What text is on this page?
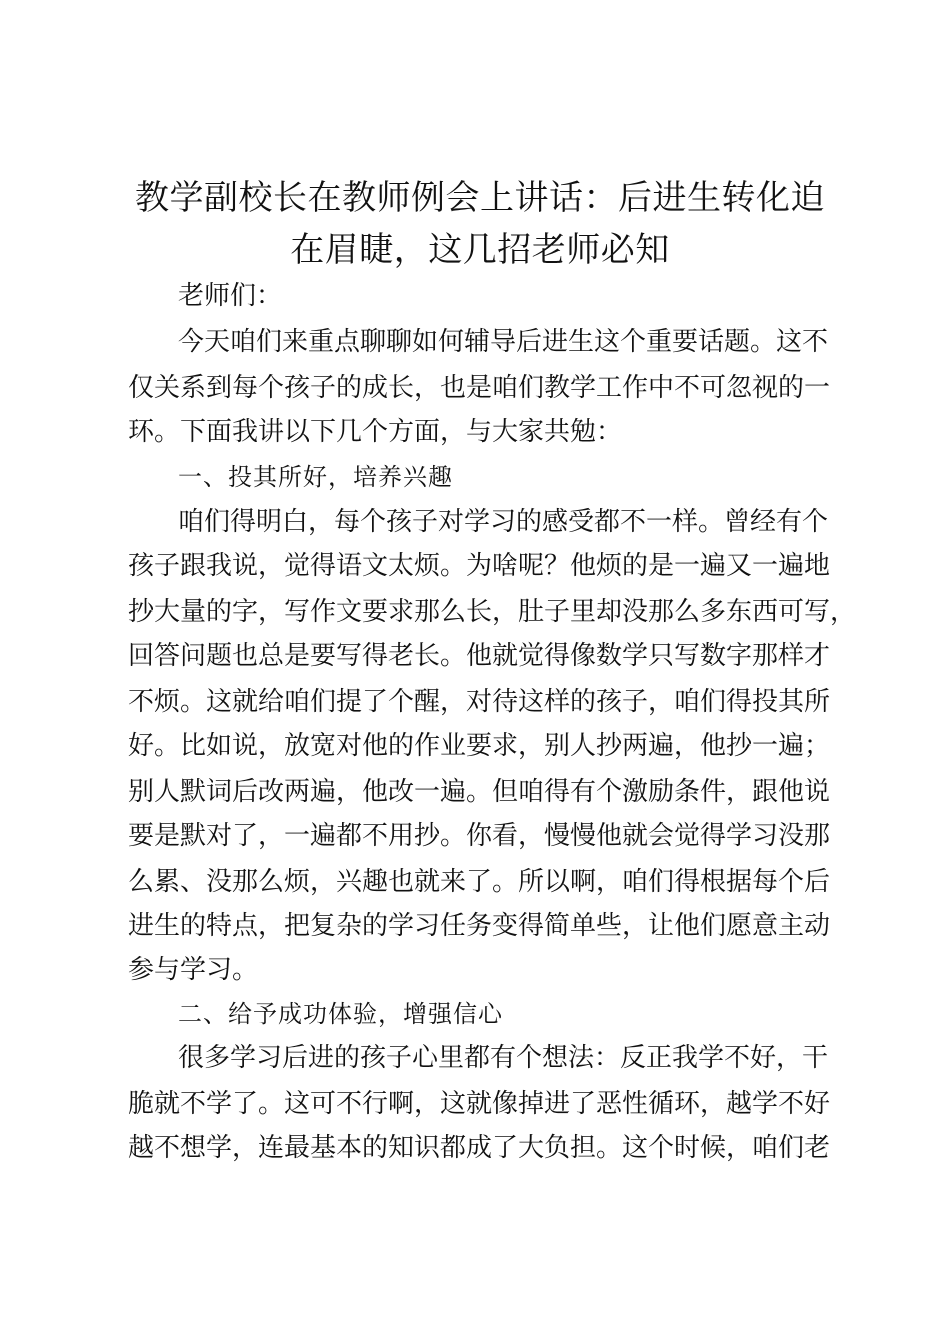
教学副校长在教师例会上讲话：后进生转化迫
在眉睫，这几招老师必知
老师们：
今天咱们来重点聊聊如何辅导后进生这个重要话题。这不
仅关系到每个孩子的成长，也是咱们教学工作中不可忽视的一
环。下面我讲以下几个方面，与大家共勉：
一、投其所好，培养兴趣
咱们得明白，每个孩子对学习的感受都不一样。曾经有个
孩子跟我说，觉得语文太烦。为啥呢？他烦的是一遍又一遍地
抄大量的字，写作文要求那么长，肚子里却没那么多东西可写，
回答问题也总是要写得老长。他就觉得像数学只写数字那样才
不烦。这就给咱们提了个醒，对待这样的孩子，咱们得投其所
好。比如说，放宽对他的作业要求，别人抄两遍，他抄一遍；
别人默词后改两遍，他改一遍。但咱得有个激励条件，跟他说
要是默对了，一遍都不用抄。你看，慢慢他就会觉得学习没那
么累、没那么烦，兴趣也就来了。所以啊，咱们得根据每个后
进生的特点，把复杂的学习任务变得简单些，让他们愿意主动
参与学习。
二、给予成功体验，增强信心
很多学习后进的孩子心里都有个想法：反正我学不好，干
脆就不学了。这可不行啊，这就像掉进了恶性循环，越学不好
越不想学，连最基本的知识都成了大负担。这个时候，咱们老
